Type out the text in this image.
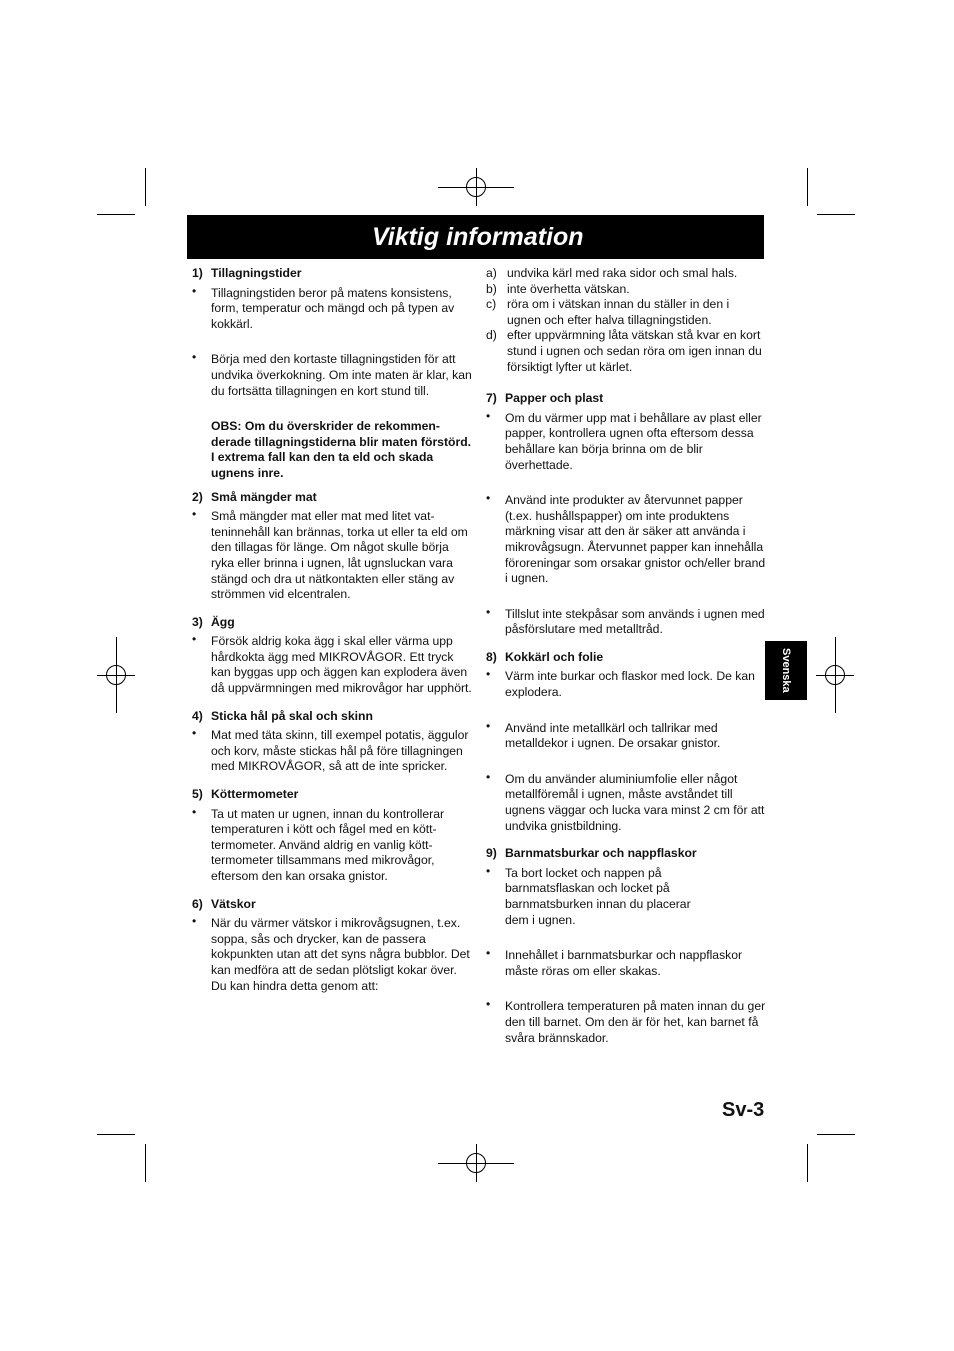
Viktig information
1) Tillagningstider
• Tillagningstiden beror på matens konsistens, form, temperatur och mängd och på typen av kokkärl.
• Börja med den kortaste tillagningstiden för att undvika överkokning. Om inte maten är klar, kan du fortsätta tillagningen en kort stund till.
OBS: Om du överskrider de rekommen-derade tillagningstiderna blir maten förstörd. I extrema fall kan den ta eld och skada ugnens inre.
2) Små mängder mat
• Små mängder mat eller mat med litet vat-teninnehåll kan brännas, torka ut eller ta eld om den tillagas för länge. Om något skulle börja ryka eller brinna i ugnen, låt ugnsluckan vara stängd och dra ut nätkontakten eller stäng av strömmen vid elcentralen.
3) Ägg
• Försök aldrig koka ägg i skal eller värma upp hårdkokta ägg med MIKROVÅGOR. Ett tryck kan byggas upp och äggen kan explodera även då uppvärmningen med mikrovågor har upphört.
4) Sticka hål på skal och skinn
• Mat med täta skinn, till exempel potatis, äggulor och korv, måste stickas hål på före tillagningen med MIKROVÅGOR, så att de inte spricker.
5) Köttermometer
• Ta ut maten ur ugnen, innan du kontrollerar temperaturen i kött och fågel med en kött-termometer. Använd aldrig en vanlig kött-termometer tillsammans med mikrovågor, eftersom den kan orsaka gnistor.
6) Vätskor
• När du värmer vätskor i mikrovågsugnen, t.ex. soppa, sås och drycker, kan de passera kokpunkten utan att det syns några bubblor. Det kan medföra att de sedan plötsligt kokar över. Du kan hindra detta genom att:
a) undvika kärl med raka sidor och smal hals.
b) inte överhetta vätskan.
c) röra om i vätskan innan du ställer in den i ugnen och efter halva tillagningstiden.
d) efter uppvärmning låta vätskan stå kvar en kort stund i ugnen och sedan röra om igen innan du försiktigt lyfter ut kärlet.
7) Papper och plast
• Om du värmer upp mat i behållare av plast eller papper, kontrollera ugnen ofta eftersom dessa behållare kan börja brinna om de blir överhettade.
• Använd inte produkter av återvunnet papper (t.ex. hushållspapper) om inte produktens märkning visar att den är säker att använda i mikrovågsugn. Återvunnet papper kan innehålla föroreningar som orsakar gnistor och/eller brand i ugnen.
• Tillslut inte stekpåsar som används i ugnen med påsförslutare med metalltråd.
8) Kokkärl och folie
• Värm inte burkar och flaskor med lock. De kan explodera.
• Använd inte metallkärl och tallrikar med metalldekor i ugnen. De orsakar gnistor.
• Om du använder aluminiumfolie eller något metallföremål i ugnen, måste avståndet till ugnens väggar och lucka vara minst 2 cm för att undvika gnistbildning.
9) Barnmatsburkar och nappflaskor
• Ta bort locket och nappen på barnmatsflaskan och locket på barnmatsburken innan du placerar dem i ugnen.
• Innehållet i barnmatsburkar och nappflaskor måste röras om eller skakas.
• Kontrollera temperaturen på maten innan du ger den till barnet. Om den är för het, kan barnet få svåra brännskador.
Svenska
Sv-3
